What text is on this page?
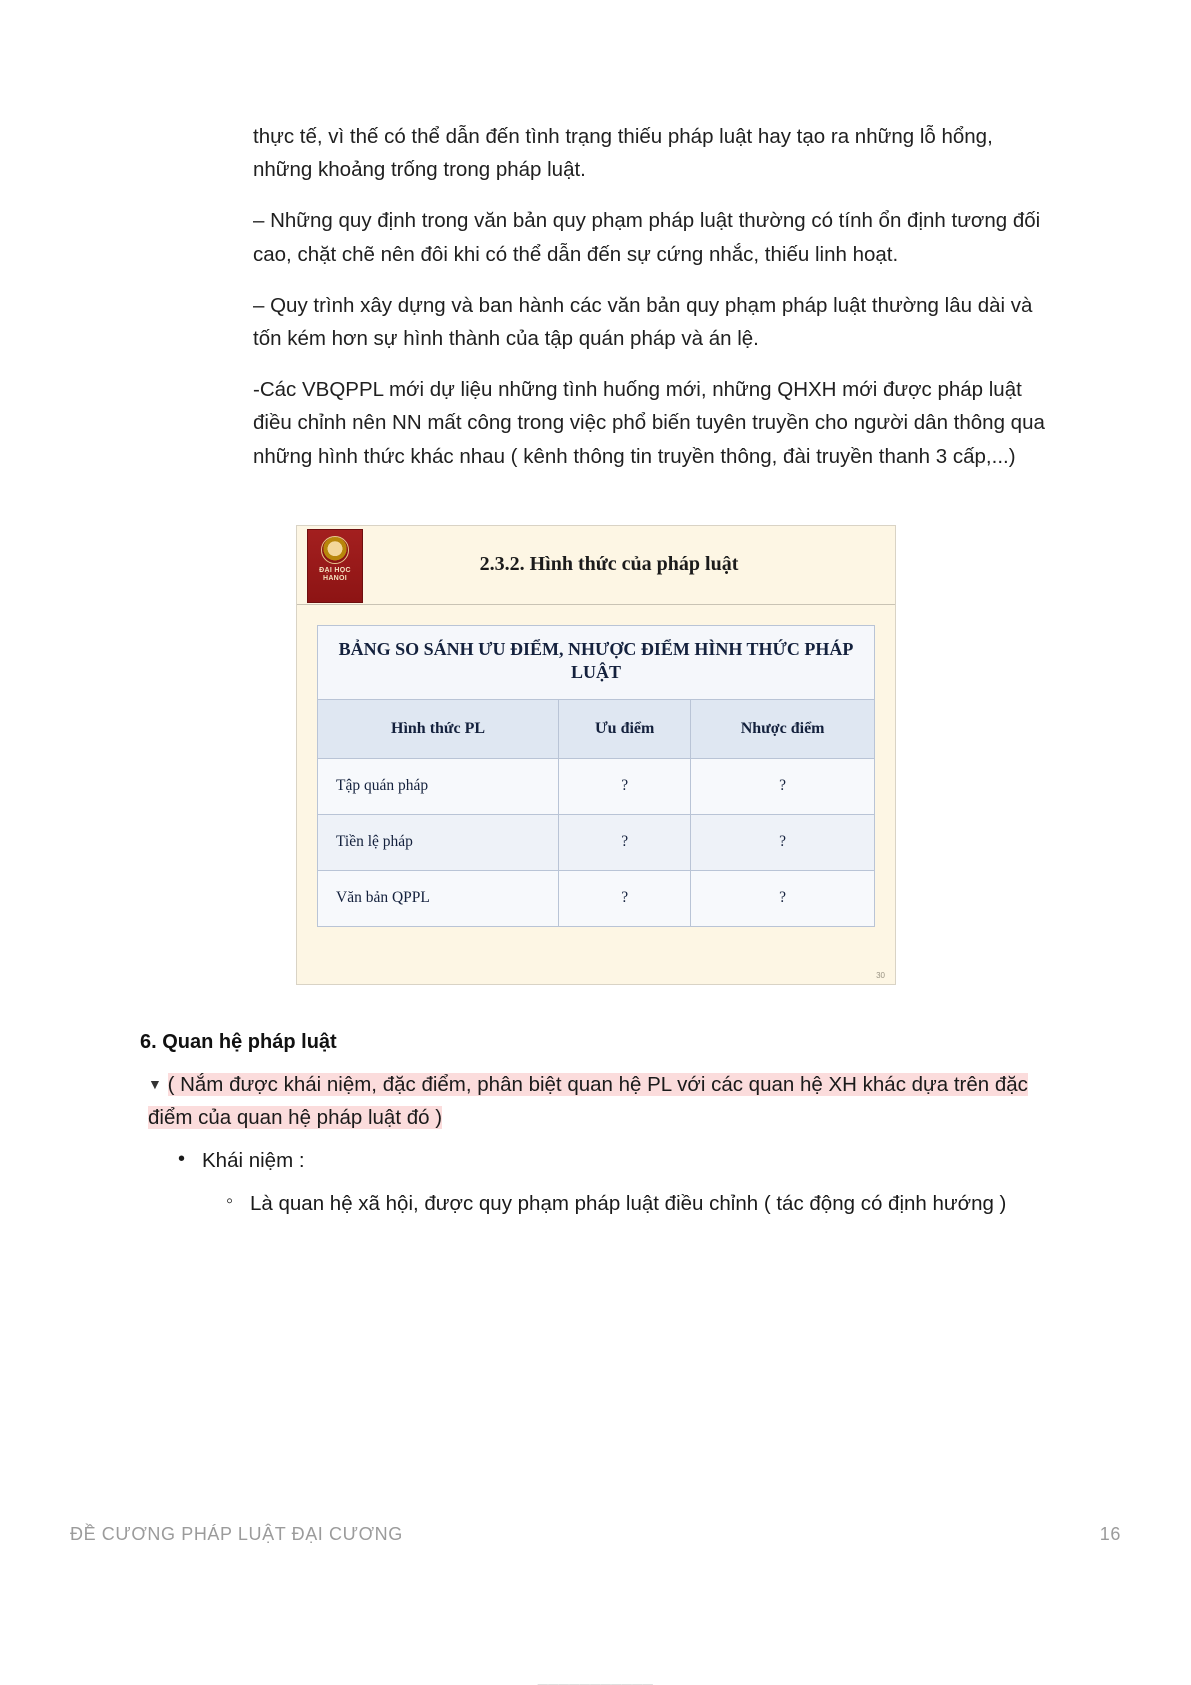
thực tế, vì thế có thể dẫn đến tình trạng thiếu pháp luật hay tạo ra những lỗ hổng, những khoảng trống trong pháp luật.

– Những quy định trong văn bản quy phạm pháp luật thường có tính ổn định tương đối cao, chặt chẽ nên đôi khi có thể dẫn đến sự cứng nhắc, thiếu linh hoạt.

– Quy trình xây dựng và ban hành các văn bản quy phạm pháp luật thường lâu dài và tốn kém hơn sự hình thành của tập quán pháp và án lệ.

-Các VBQPPL mới dự liệu những tình huống mới, những QHXH mới được pháp luật điều chỉnh nên NN mất công trong việc phổ biến tuyên truyền cho người dân thông qua những hình thức khác nhau ( kênh thông tin truyền thông, đài truyền thanh 3 cấp,...)

ĐẠI HỌC
HANOI
2.3.2. Hình thức của pháp luật
BẢNG SO SÁNH ƯU ĐIỂM, NHƯỢC ĐIỂM HÌNH THỨC PHÁP LUẬT
Hình thức PL	Ưu điểm	Nhược điểm
Tập quán pháp	?	?
Tiền lệ pháp	?	?
Văn bản QPPL	?	?
30
6. Quan hệ pháp luật
▼ ( Nắm được khái niệm, đặc điểm, phân biệt quan hệ PL với các quan hệ XH khác dựa trên đặc điểm của quan hệ pháp luật đó )
• Khái niệm :
◦ Là quan hệ xã hội, được quy phạm pháp luật điều chỉnh ( tác động có định hướng )
ĐỀ CƯƠNG PHÁP LUẬT ĐẠI CƯƠNG	16
▁▁▁▁▁▁▁▁▁▁▁
